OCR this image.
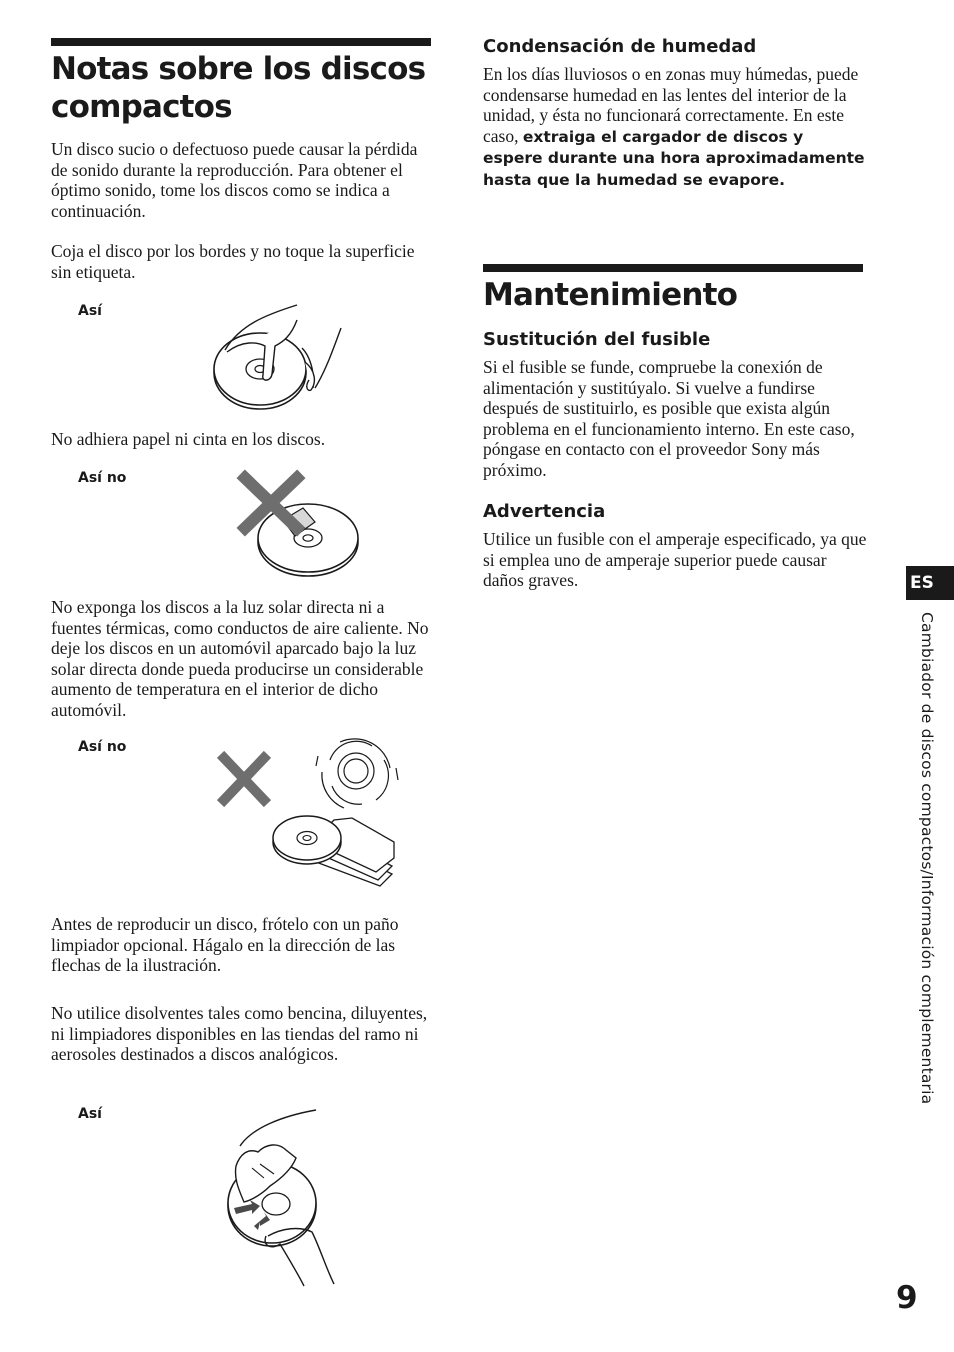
Notas sobre los discos
compactos
Un disco sucio o defectuoso puede causar la pérdida de sonido durante la reproducción. Para obtener el óptimo sonido, tome los discos como se indica a continuación.
Coja el disco por los bordes y no toque la superficie sin etiqueta.
Así
No adhiera papel ni cinta en los discos.
Así no
No exponga los discos a la luz solar directa ni a fuentes térmicas, como conductos de aire caliente. No deje los discos en un automóvil aparcado bajo la luz solar directa donde pueda producirse un considerable aumento de temperatura en el interior de dicho automóvil.
Así no
Antes de reproducir un disco, frótelo con un paño limpiador opcional. Hágalo en la dirección de las flechas de la ilustración.
No utilice disolventes tales como bencina, diluyentes, ni limpiadores disponibles en las tiendas del ramo ni aerosoles destinados a discos analógicos.
Así
Condensación de humedad
En los días lluviosos o en zonas muy húmedas, puede condensarse humedad en las lentes del interior de la unidad, y ésta no funcionará correctamente. En este caso, extraiga el cargador de discos y espere durante una hora aproximadamente hasta que la humedad se evapore.
Mantenimiento
Sustitución del fusible
Si el fusible se funde, compruebe la conexión de alimentación y sustitúyalo. Si vuelve a fundirse después de sustituirlo, es posible que exista algún problema en el funcionamiento interno. En este caso, póngase en contacto con el proveedor Sony más próximo.
Advertencia
Utilice un fusible con el amperaje especificado, ya que si emplea uno de amperaje superior puede causar daños graves.	ES
Cambiador de discos compactos/Información complementaria
9
